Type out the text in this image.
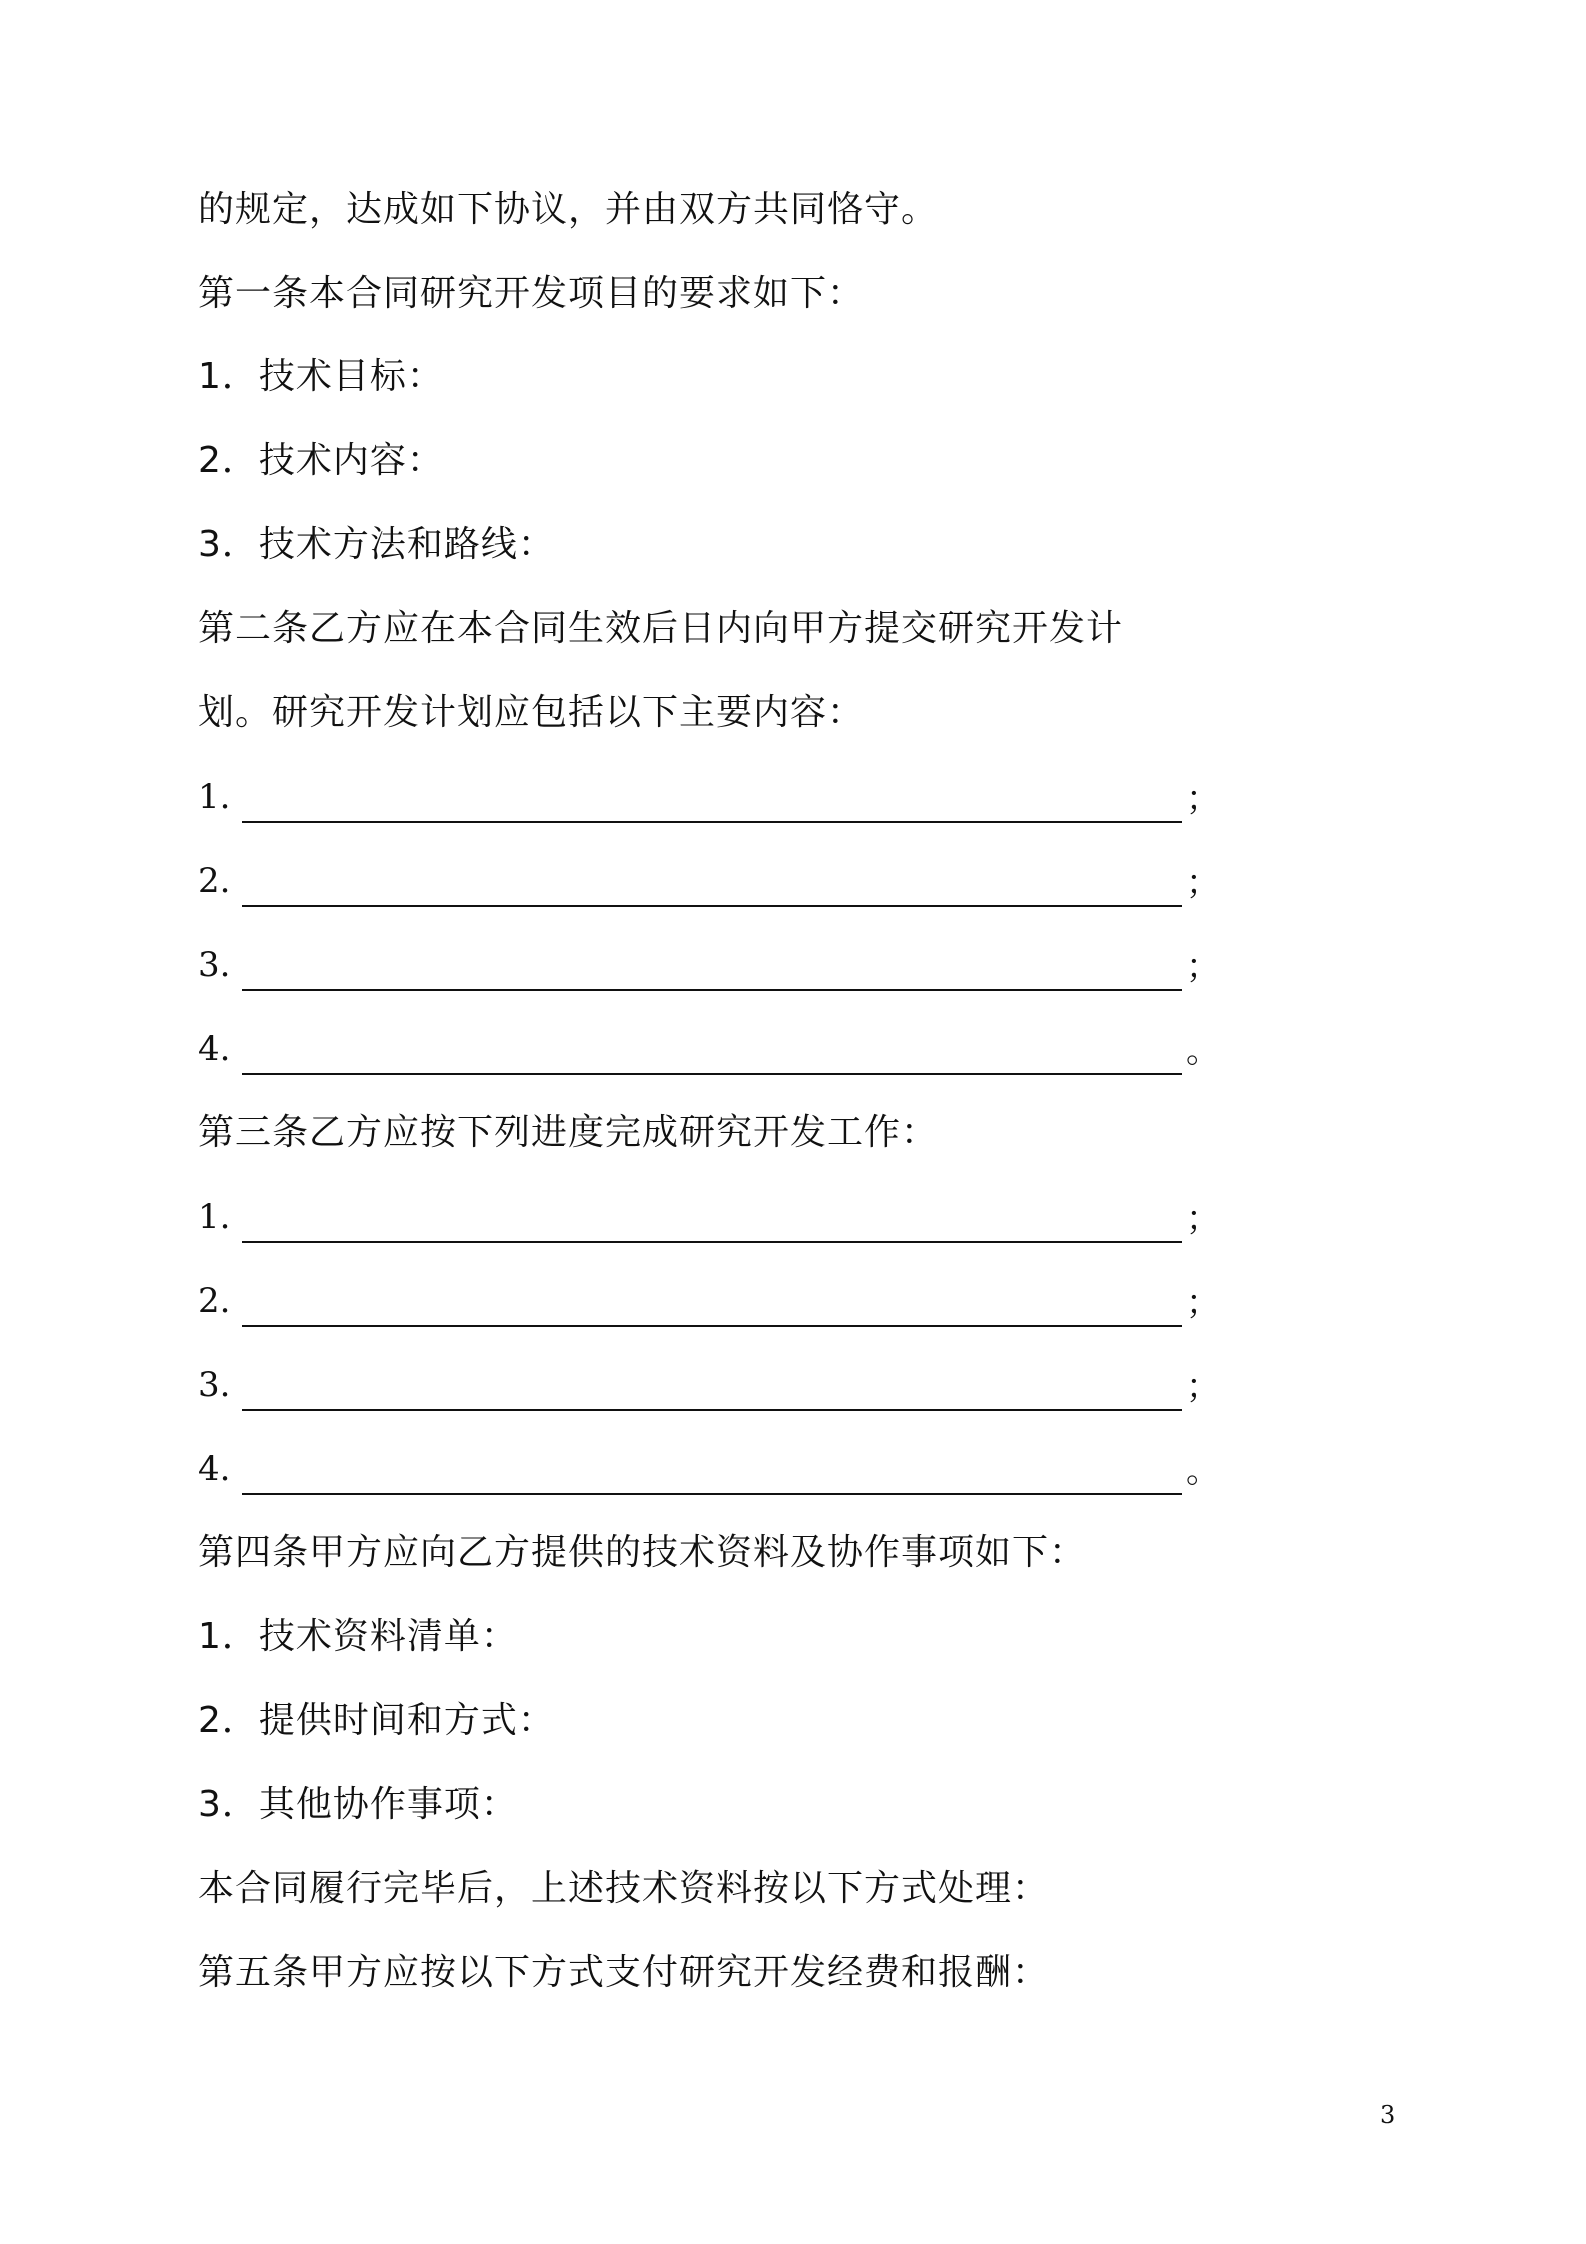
的规定，达成如下协议，并由双方共同恪守。
第一条本合同研究开发项目的要求如下：
1．技术目标：
2．技术内容：
3．技术方法和路线：
第二条乙方应在本合同生效后日内向甲方提交研究开发计
划。研究开发计划应包括以下主要内容：
1.	；
2.	；
3.	；
4.	。
第三条乙方应按下列进度完成研究开发工作：
1.	；
2.	；
3.	；
4.	。
第四条甲方应向乙方提供的技术资料及协作事项如下：
1．技术资料清单：
2．提供时间和方式：
3．其他协作事项：
本合同履行完毕后，上述技术资料按以下方式处理：
第五条甲方应按以下方式支付研究开发经费和报酬：
3
